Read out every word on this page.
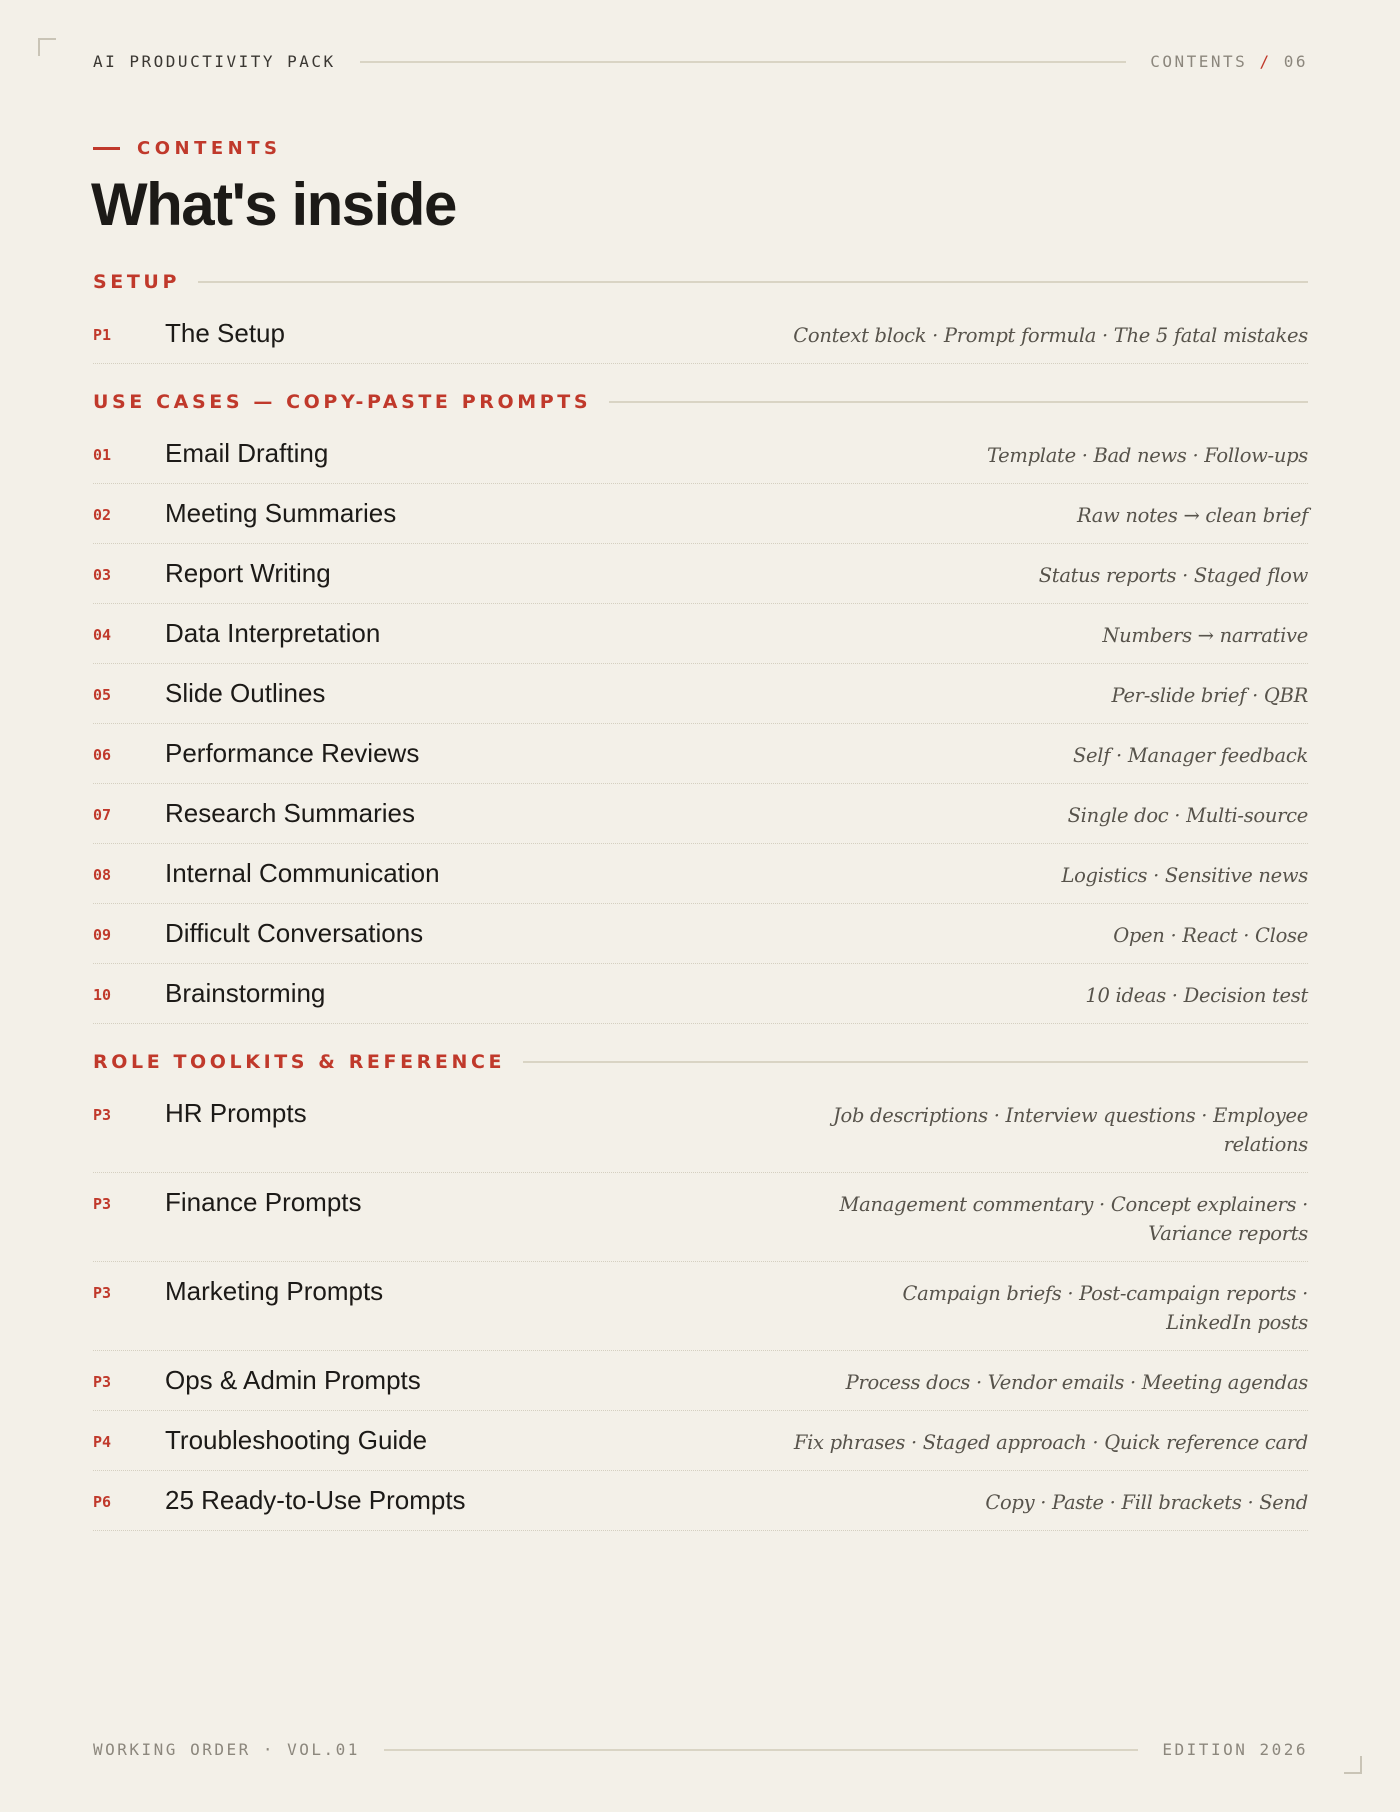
AI PRODUCTIVITY PACK	CONTENTS / 06
CONTENTS
What's inside
SETUP
P1	The Setup	Context block · Prompt formula · The 5 fatal mistakes
USE CASES — COPY-PASTE PROMPTS
01	Email Drafting	Template · Bad news · Follow-ups
02	Meeting Summaries	Raw notes → clean brief
03	Report Writing	Status reports · Staged flow
04	Data Interpretation	Numbers → narrative
05	Slide Outlines	Per-slide brief · QBR
06	Performance Reviews	Self · Manager feedback
07	Research Summaries	Single doc · Multi-source
08	Internal Communication	Logistics · Sensitive news
09	Difficult Conversations	Open · React · Close
10	Brainstorming	10 ideas · Decision test
ROLE TOOLKITS & REFERENCE
P3	HR Prompts	Job descriptions · Interview questions · Employee relations
P3	Finance Prompts	Management commentary · Concept explainers · Variance reports
P3	Marketing Prompts	Campaign briefs · Post-campaign reports · LinkedIn posts
P3	Ops & Admin Prompts	Process docs · Vendor emails · Meeting agendas
P4	Troubleshooting Guide	Fix phrases · Staged approach · Quick reference card
P6	25 Ready-to-Use Prompts	Copy · Paste · Fill brackets · Send
WORKING ORDER · VOL.01	EDITION 2026
